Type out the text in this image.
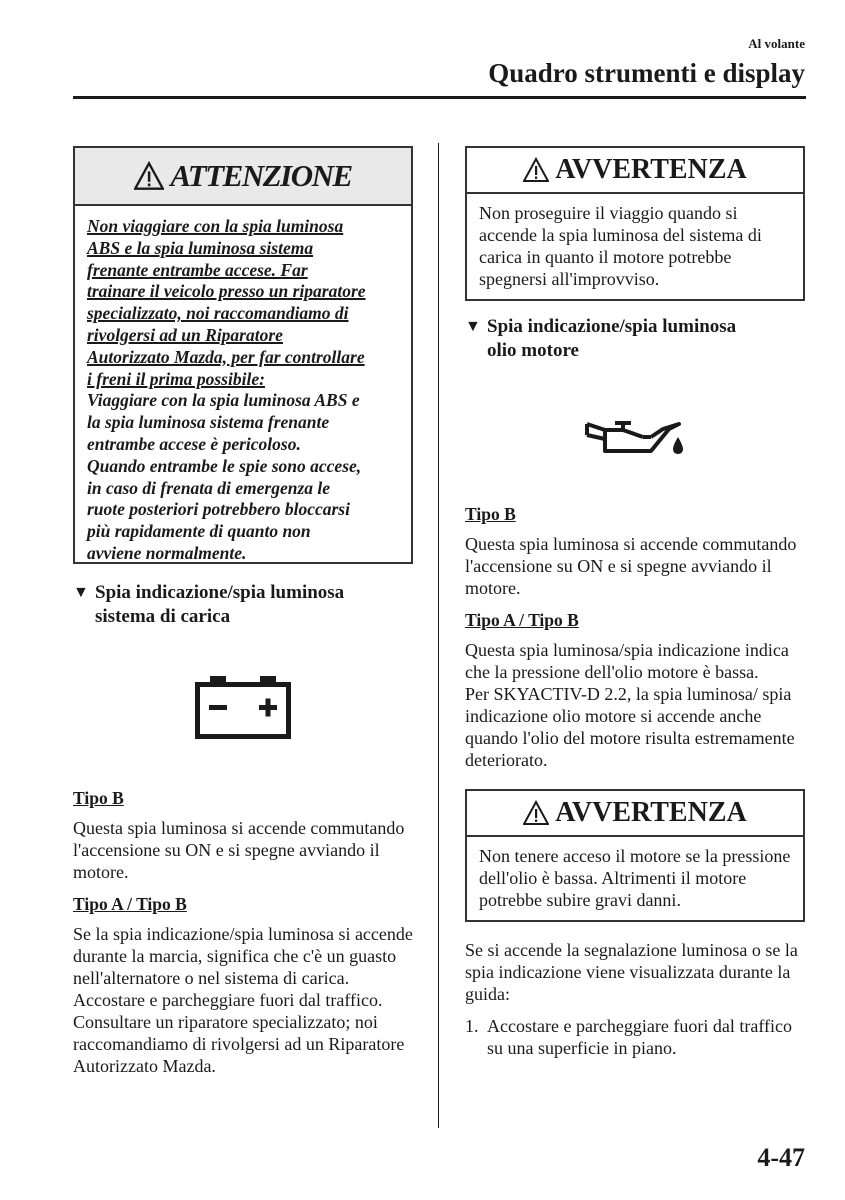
Al volante
Quadro strumenti e display
ATTENZIONE
Non viaggiare con la spia luminosa
ABS e la spia luminosa sistema
frenante entrambe accese. Far
trainare il veicolo presso un riparatore
specializzato, noi raccomandiamo di
rivolgersi ad un Riparatore
Autorizzato Mazda, per far controllare
i freni il prima possibile:
Viaggiare con la spia luminosa ABS e
la spia luminosa sistema frenante
entrambe accese è pericoloso.
Quando entrambe le spie sono accese,
in caso di frenata di emergenza le
ruote posteriori potrebbero bloccarsi
più rapidamente di quanto non
avviene normalmente.
▼ Spia indicazione/spia luminosa
sistema di carica
Tipo B
Questa spia luminosa si accende commutando l'accensione su ON e si spegne avviando il motore.
Tipo A / Tipo B
Se la spia indicazione/spia luminosa si accende durante la marcia, significa che c'è un guasto nell'alternatore o nel sistema di carica.
Accostare e parcheggiare fuori dal traffico. Consultare un riparatore specializzato; noi raccomandiamo di rivolgersi ad un Riparatore Autorizzato Mazda.
AVVERTENZA
Non proseguire il viaggio quando si accende la spia luminosa del sistema di carica in quanto il motore potrebbe spegnersi all'improvviso.
▼ Spia indicazione/spia luminosa
olio motore
Tipo B
Questa spia luminosa si accende commutando l'accensione su ON e si spegne avviando il motore.
Tipo A / Tipo B
Questa spia luminosa/spia indicazione indica che la pressione dell'olio motore è bassa.
Per SKYACTIV-D 2.2, la spia luminosa/ spia indicazione olio motore si accende anche quando l'olio del motore risulta estremamente deteriorato.
AVVERTENZA
Non tenere acceso il motore se la pressione dell'olio è bassa. Altrimenti il motore potrebbe subire gravi danni.
Se si accende la segnalazione luminosa o se la spia indicazione viene visualizzata durante la guida:
1. Accostare e parcheggiare fuori dal traffico su una superficie in piano.
4-47
